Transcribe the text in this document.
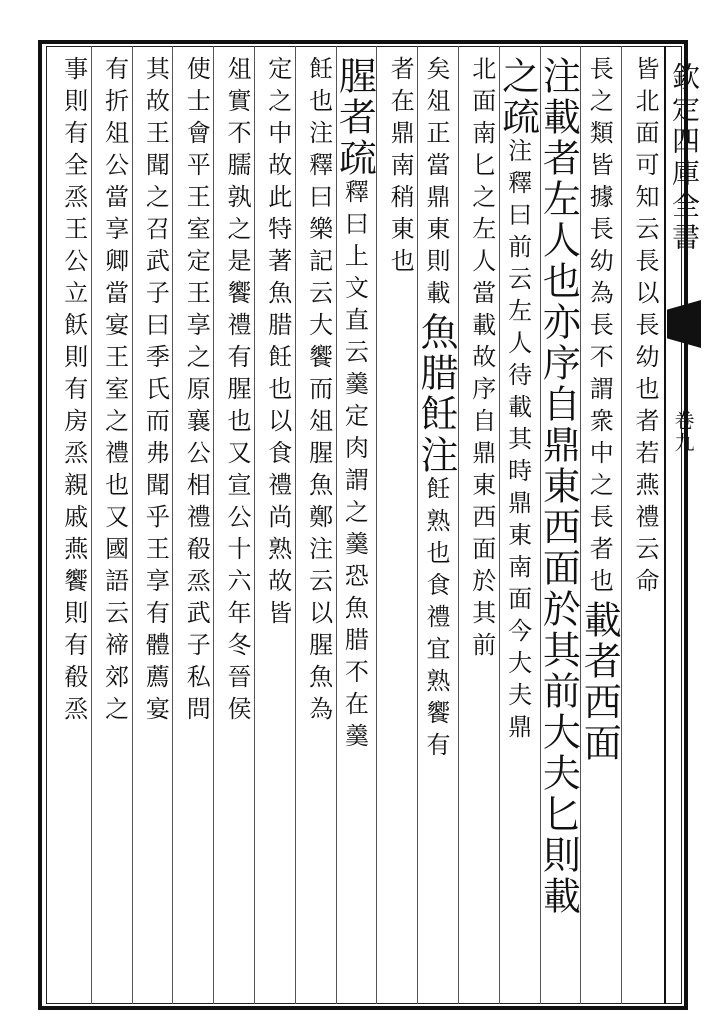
欽定四庫全書
卷九
皆北面可知云長以長幼也者若燕禮云命
長之類皆據長幼為長不謂衆中之長者也載者西面
注載者左人也亦序自鼎東西面於其前大夫匕則載
之疏注釋曰前云左人待載其時鼎東南面今大夫鼎
北面南匕之左人當載故序自鼎東西面於其前
矣俎正當鼎東則載魚腊飪注飪熟也食禮宜熟饗有
者在鼎南稍東也
腥者疏釋曰上文直云羹定肉謂之羹恐魚腊不在羹
飪也注釋曰樂記云大饗而俎腥魚鄭注云以腥魚為
定之中故此特著魚腊飪也以食禮尚熟故皆
俎實不臑孰之是饗禮有腥也又宣公十六年冬晉侯
使士會平王室定王享之原襄公相禮殽烝武子私問
其故王聞之召武子曰季氏而弗聞乎王享有體薦宴
有折俎公當享卿當宴王室之禮也又國語云禘郊之
事則有全烝王公立飫則有房烝親戚燕饗則有殽烝
